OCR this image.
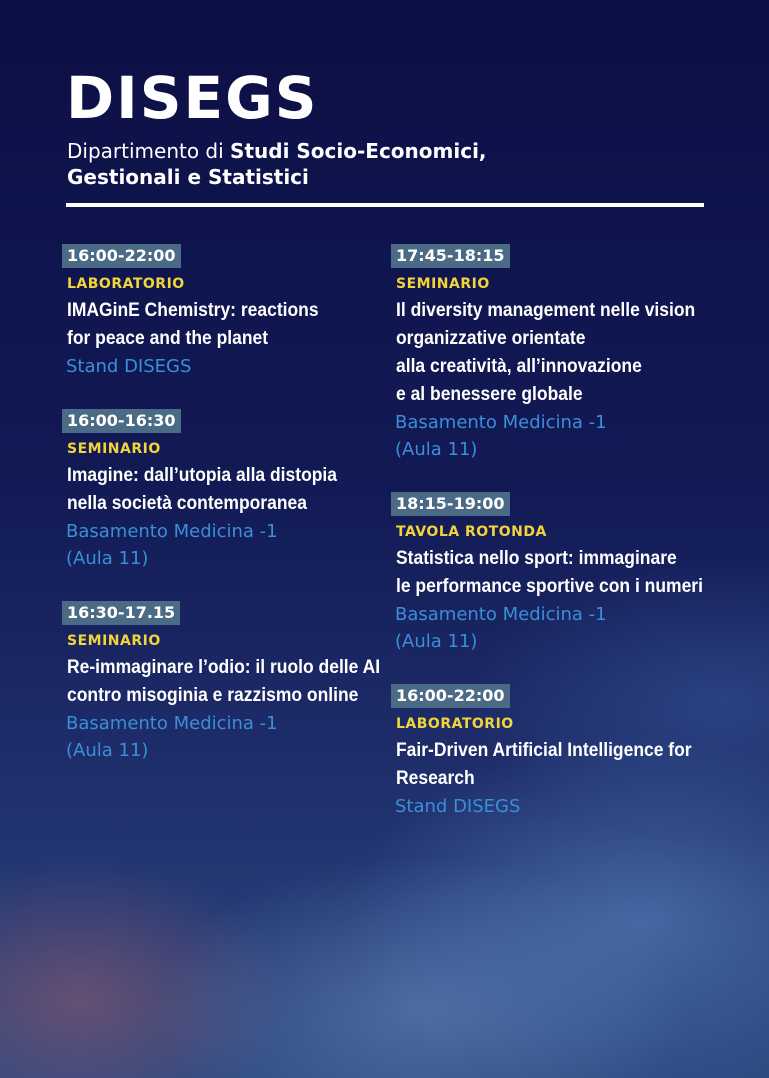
DISEGS
Dipartimento di Studi Socio-Economici,
Gestionali e Statistici
16:00-22:00
LABORATORIO
IMAGinE Chemistry: reactions
for peace and the planet
Stand DISEGS
16:00-16:30
SEMINARIO
Imagine: dall’utopia alla distopia
nella società contemporanea
Basamento Medicina -1
(Aula 11)
16:30-17.15
SEMINARIO
Re-immaginare l’odio: il ruolo delle AI
contro misoginia e razzismo online
Basamento Medicina -1
(Aula 11)
17:45-18:15
SEMINARIO
Il diversity management nelle vision
organizzative orientate
alla creatività, all’innovazione
e al benessere globale
Basamento Medicina -1
(Aula 11)
18:15-19:00
TAVOLA ROTONDA
Statistica nello sport: immaginare
le performance sportive con i numeri
Basamento Medicina -1
(Aula 11)
16:00-22:00
LABORATORIO
Fair-Driven Artificial Intelligence for
Research
Stand DISEGS
